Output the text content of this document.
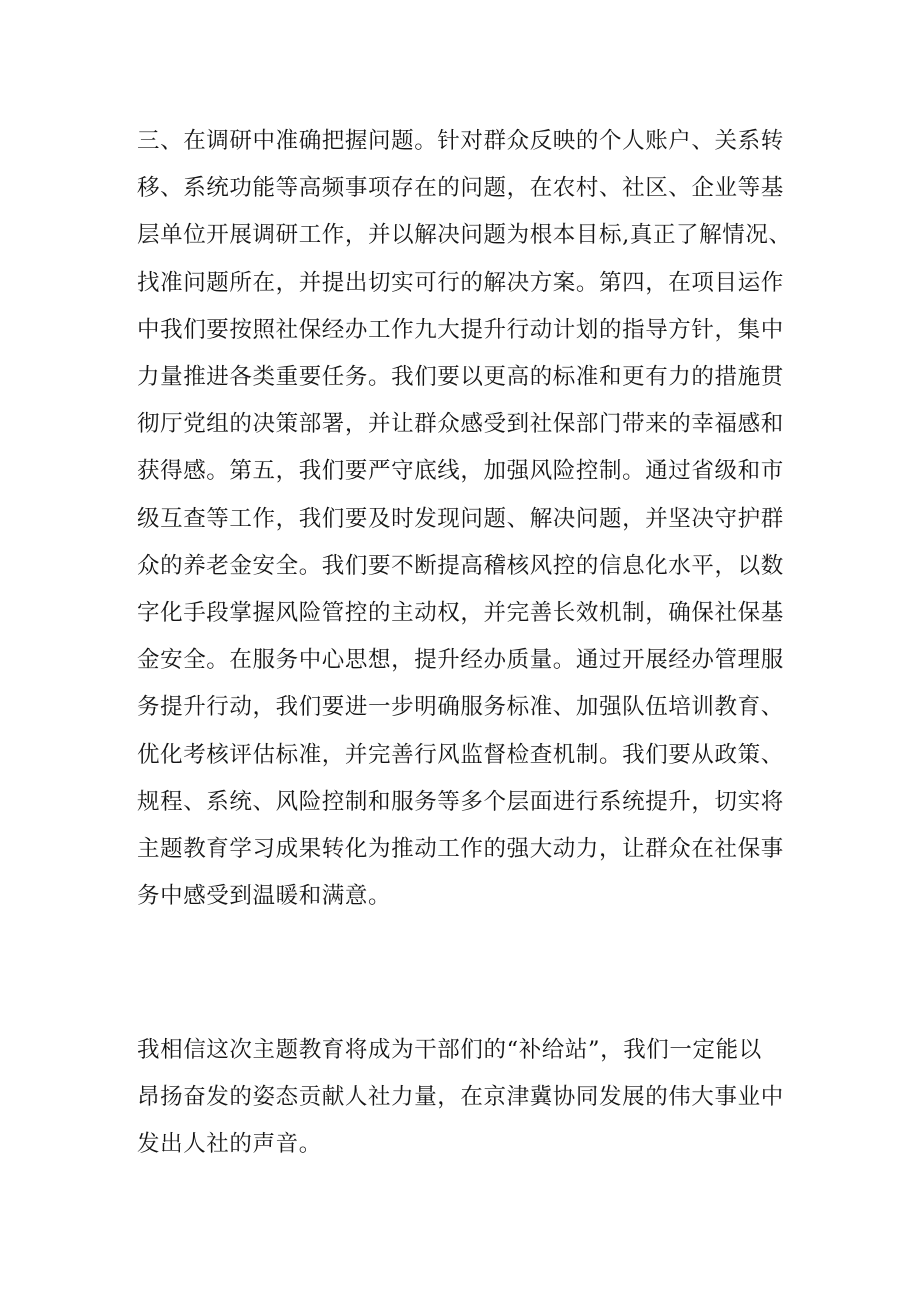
三、在调研中准确把握问题。针对群众反映的个人账户、关系转
移、系统功能等高频事项存在的问题，在农村、社区、企业等基
层单位开展调研工作，并以解决问题为根本目标,真正了解情况、
找准问题所在，并提出切实可行的解决方案。第四，在项目运作
中我们要按照社保经办工作九大提升行动计划的指导方针，集中
力量推进各类重要任务。我们要以更高的标准和更有力的措施贯
彻厅党组的决策部署，并让群众感受到社保部门带来的幸福感和
获得感。第五，我们要严守底线，加强风险控制。通过省级和市
级互查等工作，我们要及时发现问题、解决问题，并坚决守护群
众的养老金安全。我们要不断提高稽核风控的信息化水平，以数
字化手段掌握风险管控的主动权，并完善长效机制，确保社保基
金安全。在服务中心思想，提升经办质量。通过开展经办管理服
务提升行动，我们要进一步明确服务标准、加强队伍培训教育、
优化考核评估标准，并完善行风监督检查机制。我们要从政策、
规程、系统、风险控制和服务等多个层面进行系统提升，切实将
主题教育学习成果转化为推动工作的强大动力，让群众在社保事
务中感受到温暖和满意。

我相信这次主题教育将成为干部们的“补给站”，我们一定能以
昂扬奋发的姿态贡献人社力量，在京津冀协同发展的伟大事业中
发出人社的声音。
